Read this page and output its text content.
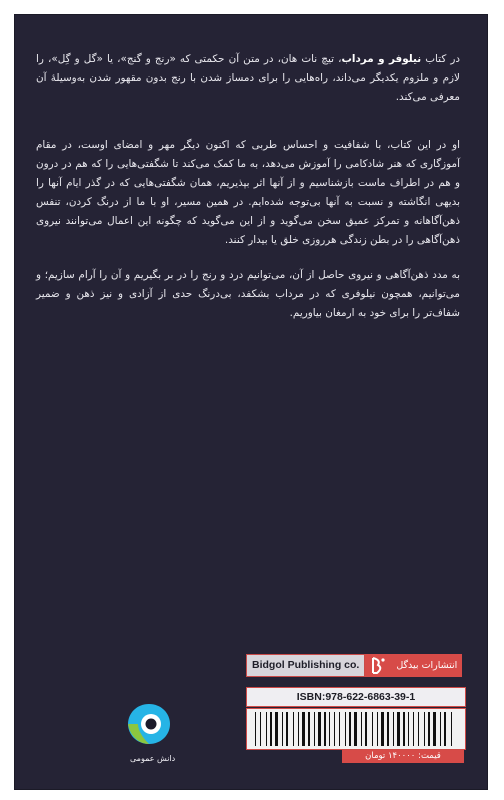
در کتاب نیلوفر و مرداب، تیچ نات هان، در متن آن حکمتی که «رنج و گنج»، یا «گل و گِل»، را لازم و ملزوم یکدیگر می‌داند، راه‌هایی را برای دمساز شدن با رنج بدون مقهور شدن به‌وسیلهٔ آن معرفی می‌کند.
او در این کتاب، با شفافیت و احساس طربی که اکنون دیگر مهر و امضای اوست، در مقام آموزگاری که هنر شادکامی را آموزش می‌دهد، به ما کمک می‌کند تا شگفتی‌هایی را که هم در درون و هم در اطراف ماست بازشناسیم و از آنها اثر بپذیریم، همان شگفتی‌هایی که در گذر ایام آنها را بدیهی انگاشته و نسبت به آنها بی‌توجه شده‌ایم. در همین مسیر، او با ما از درنگ کردن، تنفس ذهن‌آگاهانه و تمرکز عمیق سخن می‌گوید و از این می‌گوید که چگونه این اعمال می‌توانند نیروی ذهن‌آگاهی را در بطن زندگی هرروزی خلق یا بیدار کنند.
به مدد ذهن‌آگاهی و نیروی حاصل از آن، می‌توانیم درد و رنج را در بر بگیریم و آن را آرام سازیم؛ و می‌توانیم، همچون نیلوفری که در مرداب بشکفد، بی‌درنگ حدی از آزادی و نیز ذهن و ضمیر شفاف‌تر را برای خود به ارمغان بیاوریم.
Bidgol Publishing co.	انتشارات بیدگل
ISBN:978-622-6863-39-1
قیمت: ۱۴۰۰۰۰ تومان
دانش عمومی
